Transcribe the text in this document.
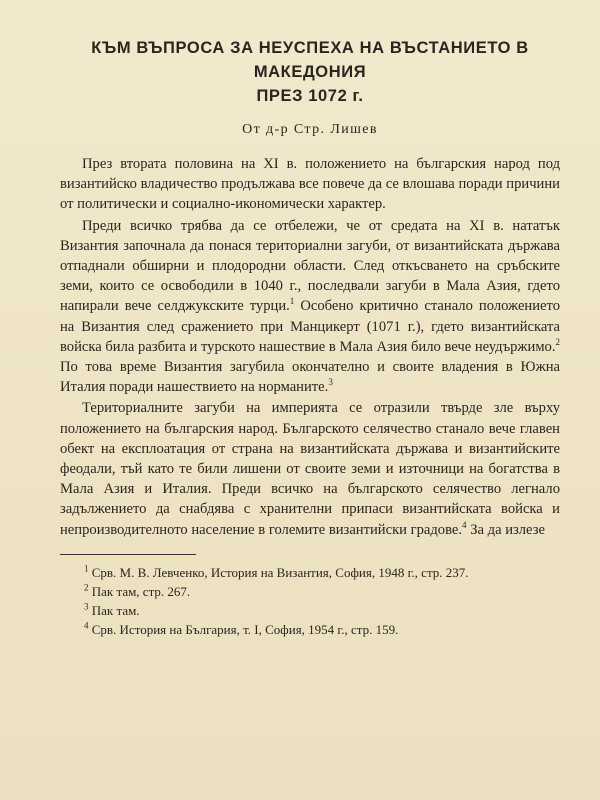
КЪМ ВЪПРОСА ЗА НЕУСПЕХА НА ВЪСТАНИЕТО В МАКЕДОНИЯ
ПРЕЗ 1072 г.
От д-р Стр. Лишев

През втората половина на XI в. положението на българския народ под византийско владичество продължава все повече да се влошава поради причини от политически и социално-икономически характер.

Преди всичко трябва да се отбележи, че от средата на XI в. нататък Византия започнала да понася териториални загуби, от византийската държава отпаднали обширни и плодородни области. След откъсването на сръбските земи, които се освободили в 1040 г., последвали загуби в Мала Азия, гдето напирали вече селджукските турци.$^1$ Особено критично станало положението на Византия след сражението при Манцикерт (1071 г.), гдето византийската войска била разбита и турското нашествие в Мала Азия било вече неудържимо.$^2$ По това време Византия загубила окончателно и своите владения в Южна Италия поради нашествието на норманите.$^3$

Териториалните загуби на империята се отразили твърде зле върху положението на българския народ. Българското селячество станало вече главен обект на експлоатация от страна на византийската държава и византийските феодали, тъй като те били лишени от своите земи и източници на богатства в Мала Азия и Италия. Преди всичко на българското селячество легнало задължението да снабдява с хранителни припаси византийската войска и непроизводителното население в големите византийски градове.$^4$ За да излезе

$^1$ Срв. М. В. Левченко, История на Византия, София, 1948 г., стр. 237.
$^2$ Пак там, стр. 267.
$^3$ Пак там.
$^4$ Срв. История на България, т. I, София, 1954 г., стр. 159.
